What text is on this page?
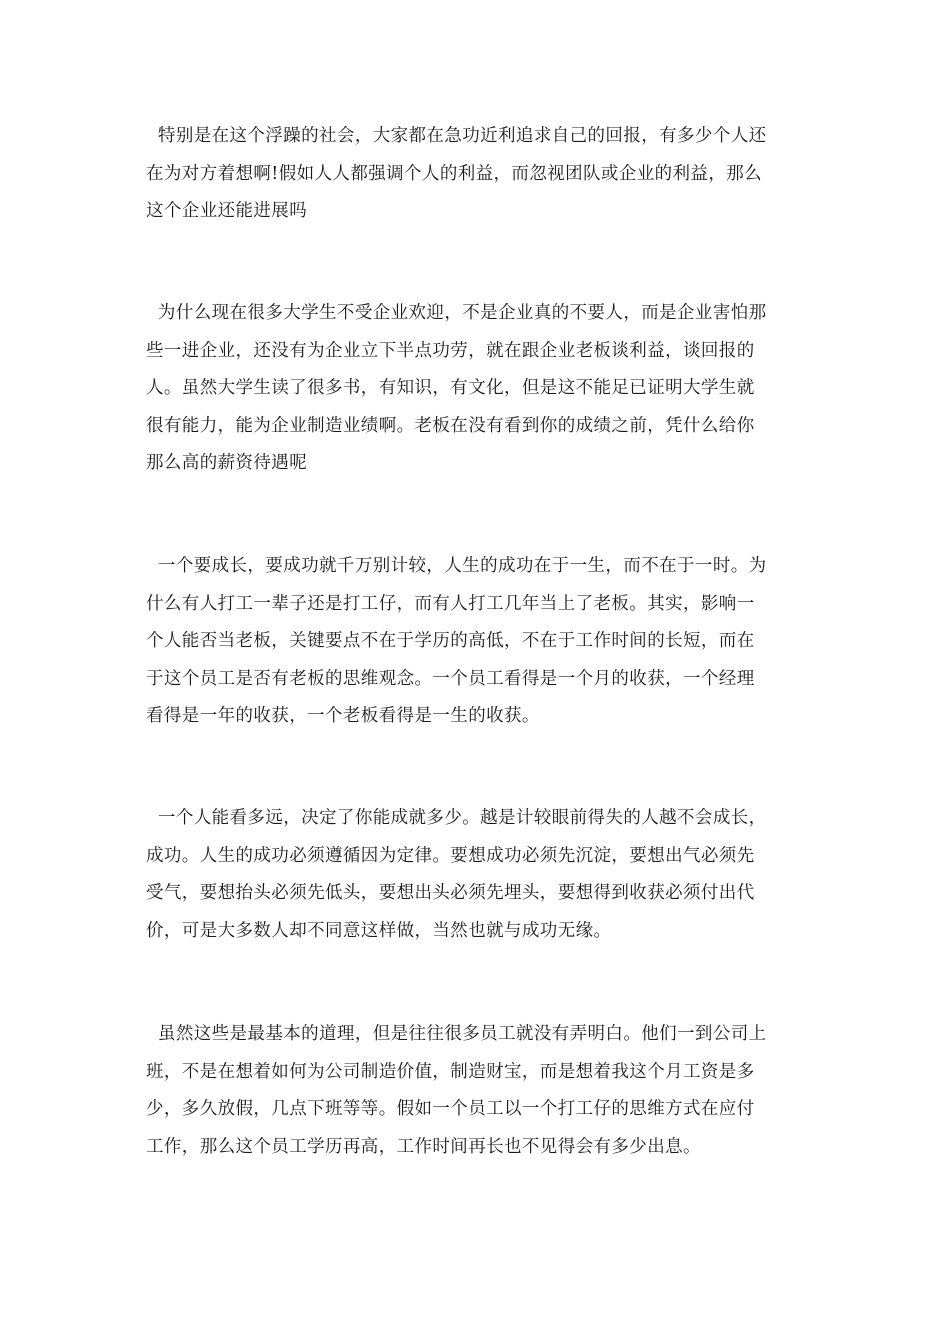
特别是在这个浮躁的社会，大家都在急功近利追求自己的回报，有多少个人还
在为对方着想啊!假如人人都强调个人的利益，而忽视团队或企业的利益，那么
这个企业还能进展吗
为什么现在很多大学生不受企业欢迎，不是企业真的不要人，而是企业害怕那
些一进企业，还没有为企业立下半点功劳，就在跟企业老板谈利益，谈回报的
人。虽然大学生读了很多书，有知识，有文化，但是这不能足已证明大学生就
很有能力，能为企业制造业绩啊。老板在没有看到你的成绩之前，凭什么给你
那么高的薪资待遇呢
一个要成长，要成功就千万别计较，人生的成功在于一生，而不在于一时。为
什么有人打工一辈子还是打工仔，而有人打工几年当上了老板。其实，影响一
个人能否当老板，关键要点不在于学历的高低，不在于工作时间的长短，而在
于这个员工是否有老板的思维观念。一个员工看得是一个月的收获，一个经理
看得是一年的收获，一个老板看得是一生的收获。
一个人能看多远，决定了你能成就多少。越是计较眼前得失的人越不会成长，
成功。人生的成功必须遵循因为定律。要想成功必须先沉淀，要想出气必须先
受气，要想抬头必须先低头，要想出头必须先埋头，要想得到收获必须付出代
价，可是大多数人却不同意这样做，当然也就与成功无缘。
虽然这些是最基本的道理，但是往往很多员工就没有弄明白。他们一到公司上
班，不是在想着如何为公司制造价值，制造财宝，而是想着我这个月工资是多
少，多久放假，几点下班等等。假如一个员工以一个打工仔的思维方式在应付
工作，那么这个员工学历再高，工作时间再长也不见得会有多少出息。
